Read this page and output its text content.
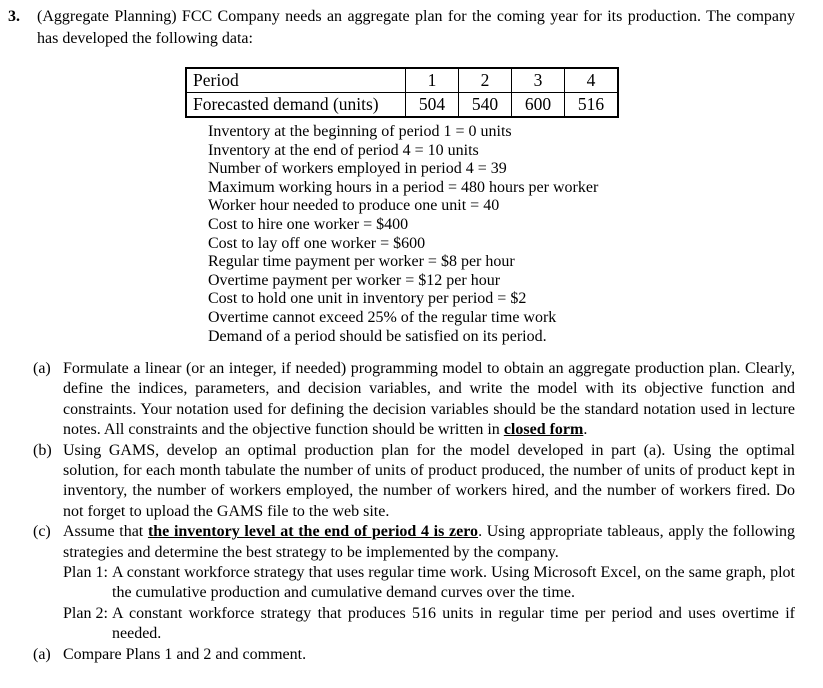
3.	(Aggregate Planning) FCC Company needs an aggregate plan for the coming year for its production. The company has developed the following data:
Period	1	2	3	4
Forecasted demand (units)	504	540	600	516
Inventory at the beginning of period 1 = 0 units
Inventory at the end of period 4 = 10 units
Number of workers employed in period 4 = 39
Maximum working hours in a period = 480 hours per worker
Worker hour needed to produce one unit = 40
Cost to hire one worker = $400
Cost to lay off one worker = $600
Regular time payment per worker = $8 per hour
Overtime payment per worker = $12 per hour
Cost to hold one unit in inventory per period = $2
Overtime cannot exceed 25% of the regular time work
Demand of a period should be satisfied on its period.
(a) Formulate a linear (or an integer, if needed) programming model to obtain an aggregate production plan. Clearly, define the indices, parameters, and decision variables, and write the model with its objective function and constraints. Your notation used for defining the decision variables should be the standard notation used in lecture notes. All constraints and the objective function should be written in closed form.
(b) Using GAMS, develop an optimal production plan for the model developed in part (a). Using the optimal solution, for each month tabulate the number of units of product produced, the number of units of product kept in inventory, the number of workers employed, the number of workers hired, and the number of workers fired. Do not forget to upload the GAMS file to the web site.
(c) Assume that the inventory level at the end of period 4 is zero. Using appropriate tableaus, apply the following strategies and determine the best strategy to be implemented by the company.
Plan 1: A constant workforce strategy that uses regular time work. Using Microsoft Excel, on the same graph, plot the cumulative production and cumulative demand curves over the time.
Plan 2: A constant workforce strategy that produces 516 units in regular time per period and uses overtime if needed.
(a) Compare Plans 1 and 2 and comment.
